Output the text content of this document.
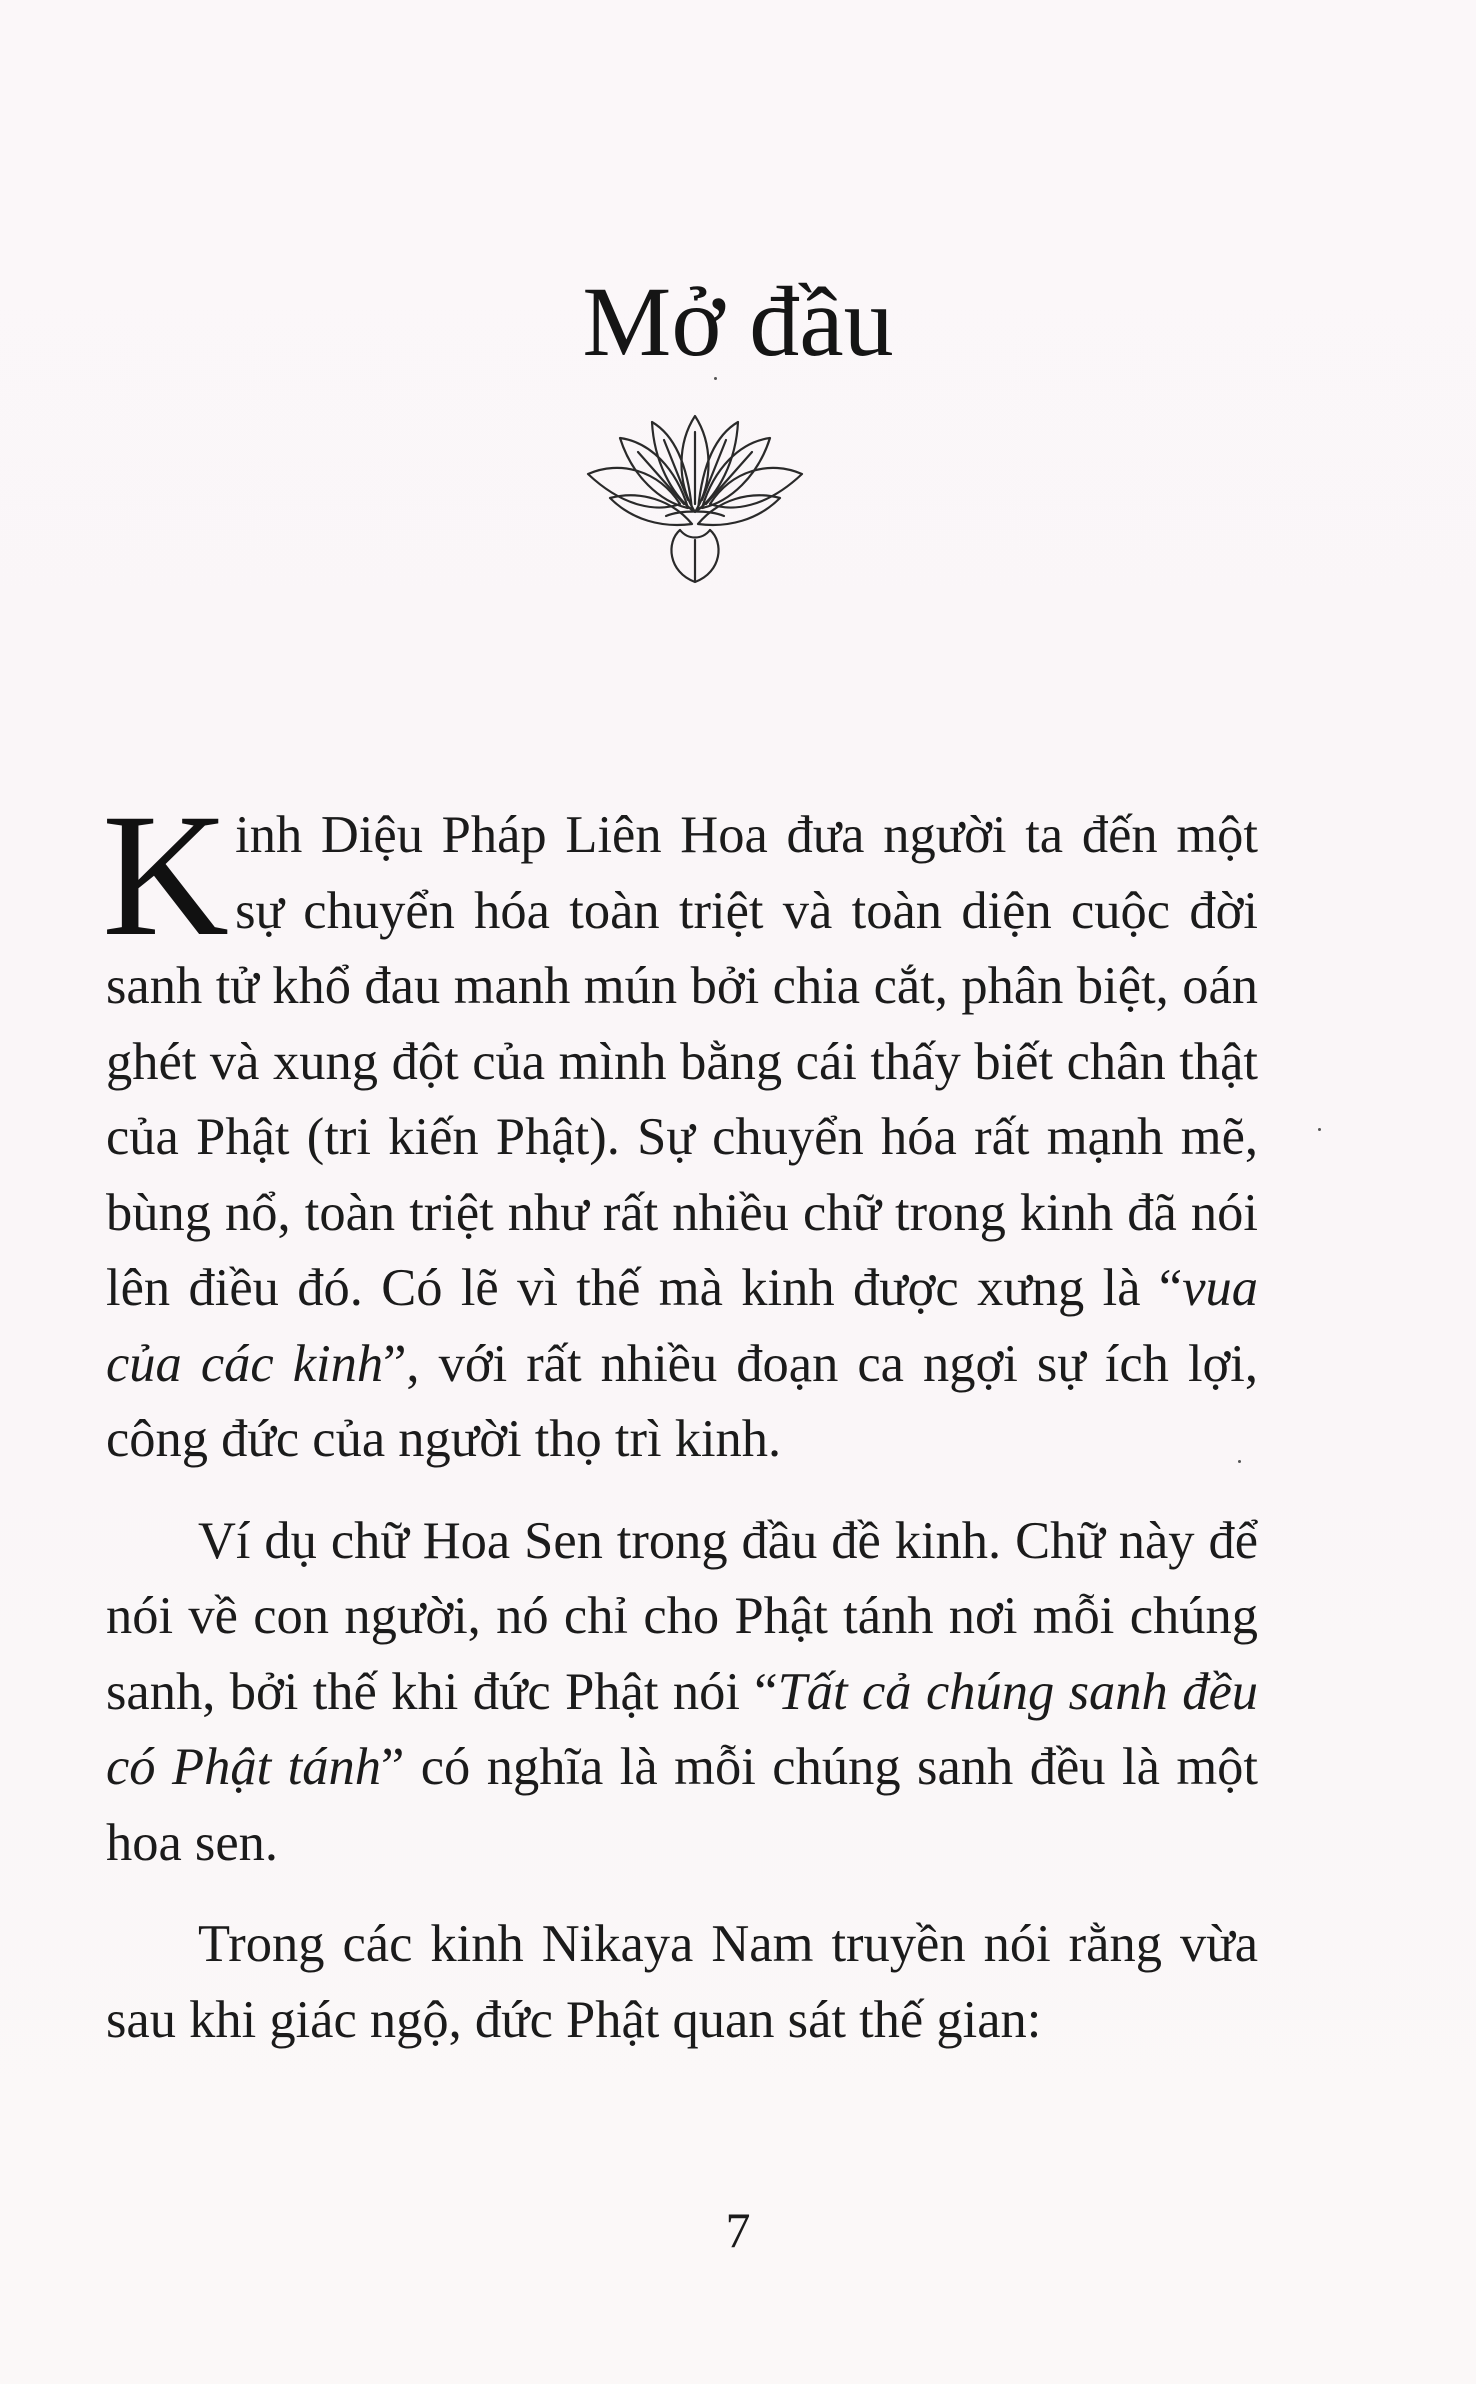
Mở đầu

Kinh Diệu Pháp Liên Hoa đưa người ta đến một sự chuyển hóa toàn triệt và toàn diện cuộc đời sanh tử khổ đau manh mún bởi chia cắt, phân biệt, oán ghét và xung đột của mình bằng cái thấy biết chân thật của Phật (tri kiến Phật). Sự chuyển hóa rất mạnh mẽ, bùng nổ, toàn triệt như rất nhiều chữ trong kinh đã nói lên điều đó. Có lẽ vì thế mà kinh được xưng là “vua của các kinh”, với rất nhiều đoạn ca ngợi sự ích lợi, công đức của người thọ trì kinh.

Ví dụ chữ Hoa Sen trong đầu đề kinh. Chữ này để nói về con người, nó chỉ cho Phật tánh nơi mỗi chúng sanh, bởi thế khi đức Phật nói “Tất cả chúng sanh đều có Phật tánh” có nghĩa là mỗi chúng sanh đều là một hoa sen.

Trong các kinh Nikaya Nam truyền nói rằng vừa sau khi giác ngộ, đức Phật quan sát thế gian:

7
